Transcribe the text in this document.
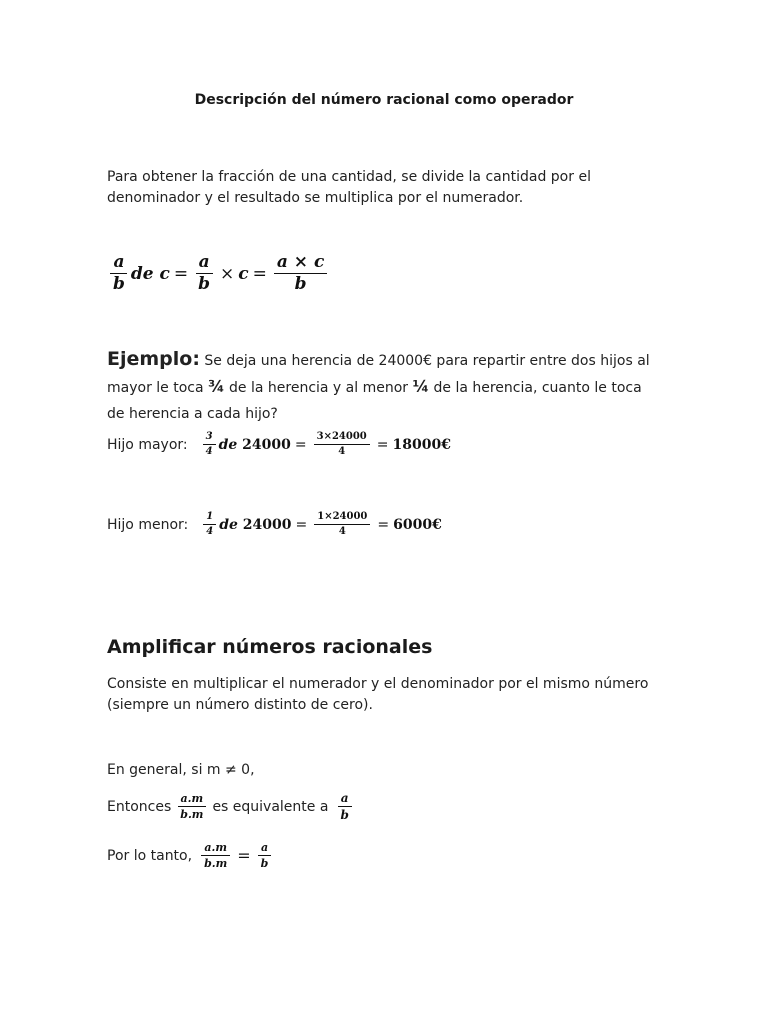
Descripción del número racional como operador
Para obtener la fracción de una cantidad, se divide la cantidad por el denominador y el resultado se multiplica por el numerador.
$\frac{a}{b}$ de
$c = \frac{a}{b} \times c = \frac{a \times c}{b}$
Ejemplo: Se deja una herencia de 24000€ para repartir entre dos hijos al mayor le toca ¾ de la herencia y al menor ¼ de la herencia, cuanto le toca de herencia a cada hijo?
Hijo mayor: $\frac{3}{4}$ de
$24000 = \frac{3\times 24000}{4}$ = 18000€
Hijo menor: $\frac{1}{4}$ de
$24000 = \frac{1\times 24000}{4}$ = 6000€
Amplificar números racionales
Consiste en multiplicar el numerador y el denominador por el mismo número (siempre un número distinto de cero).
En general, si m ≠ 0,
Entonces $\frac{a.m}{b.m}$ es equivalente a $\frac{a}{b}$
Por lo tanto, $\frac{a.m}{b.m} = \frac{a}{b}$
